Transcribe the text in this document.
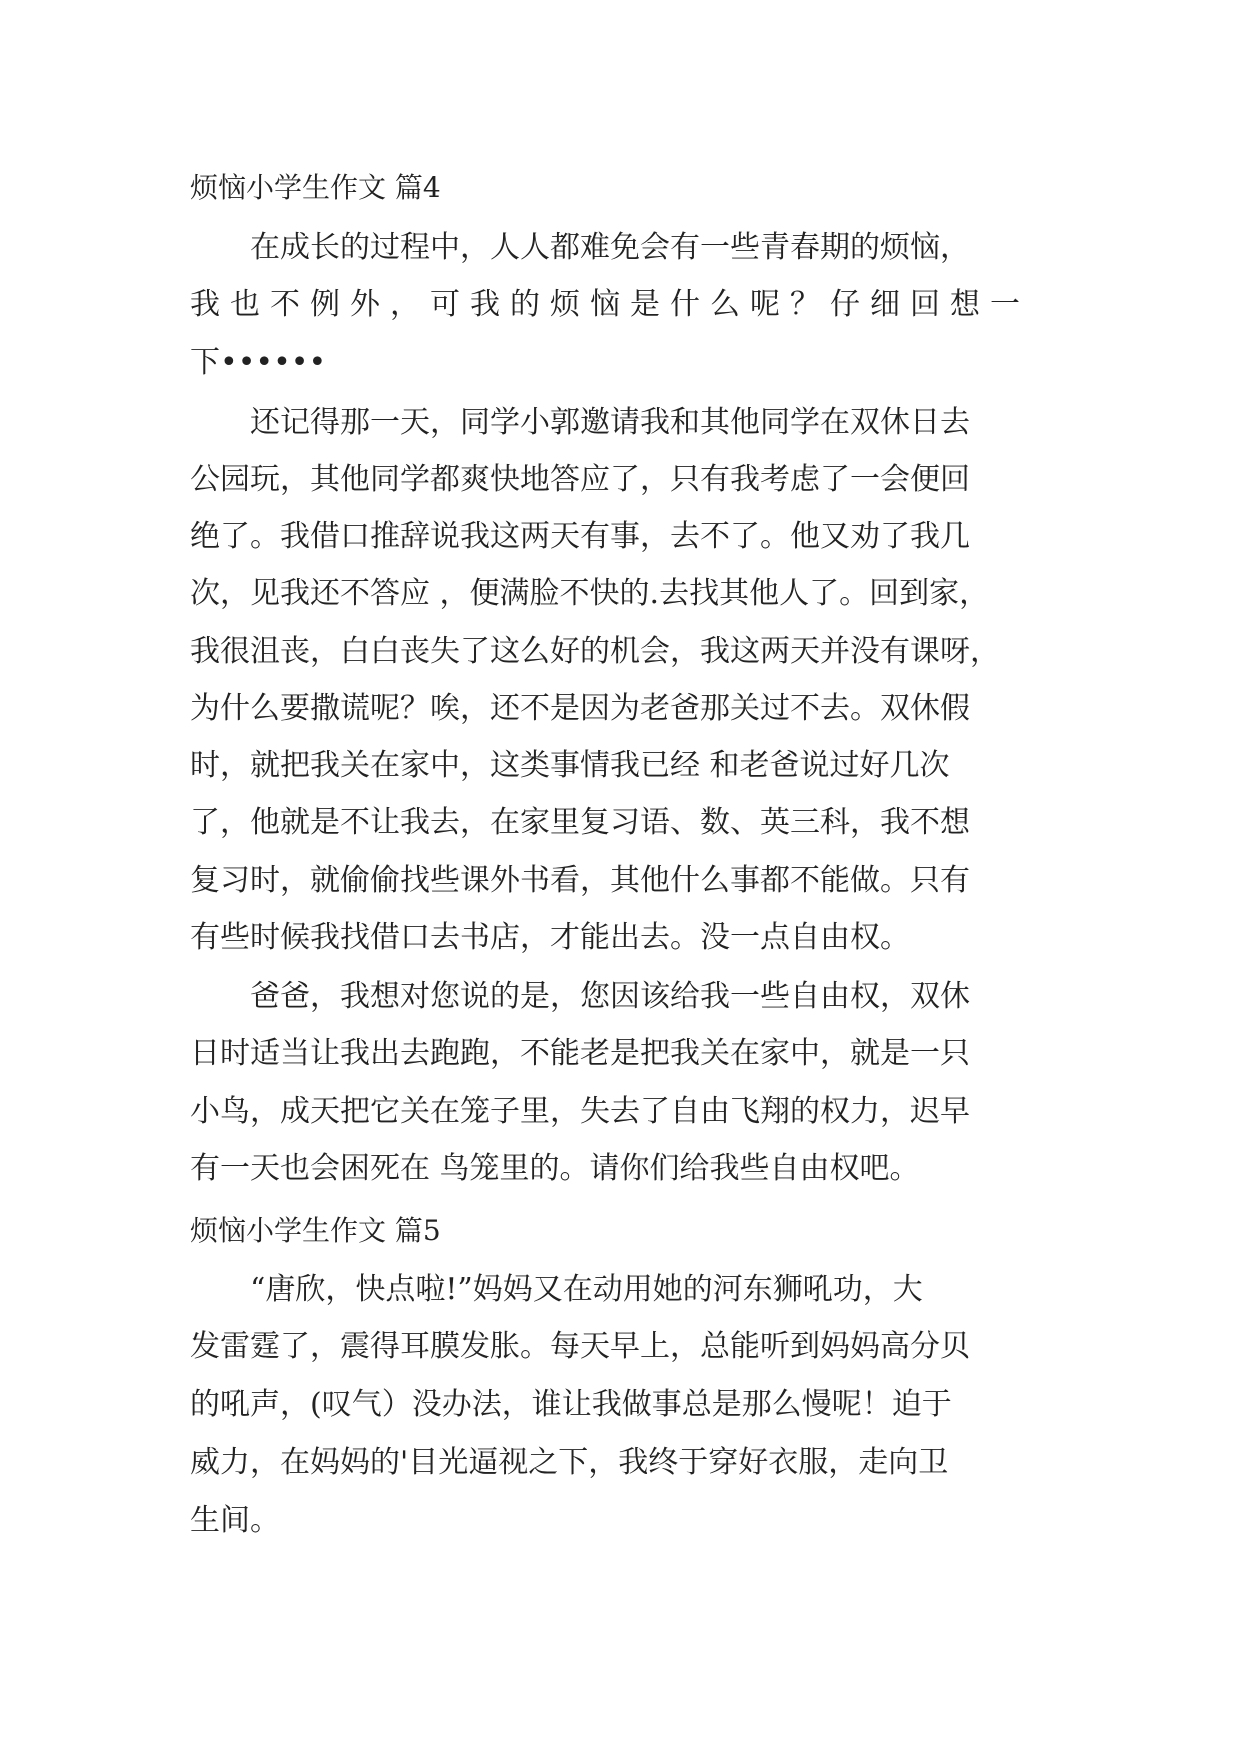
烦恼小学生作文 篇4
在成长的过程中，人人都难免会有一些青春期的烦恼，
我也不例外，可我的烦恼是什么呢？仔细回想一
下••••••
还记得那一天，同学小郭邀请我和其他同学在双休日去
公园玩，其他同学都爽快地答应了，只有我考虑了一会便回
绝了。我借口推辞说我这两天有事，去不了。他又劝了我几
次，见我还不答应 ，便满脸不快的.去找其他人了。回到家，
我很沮丧，白白丧失了这么好的机会，我这两天并没有课呀，
为什么要撒谎呢？唉，还不是因为老爸那关过不去。双休假
时，就把我关在家中，这类事情我已经 和老爸说过好几次
了，他就是不让我去，在家里复习语、数、英三科，我不想
复习时，就偷偷找些课外书看，其他什么事都不能做。只有
有些时候我找借口去书店，才能出去。没一点自由权。
爸爸，我想对您说的是，您因该给我一些自由权，双休
日时适当让我出去跑跑，不能老是把我关在家中，就是一只
小鸟，成天把它关在笼子里，失去了自由飞翔的权力，迟早
有一天也会困死在 鸟笼里的。请你们给我些自由权吧。
烦恼小学生作文 篇5
“唐欣，快点啦!”妈妈又在动用她的河东狮吼功，大
发雷霆了，震得耳膜发胀。每天早上，总能听到妈妈高分贝
的吼声，(叹气）没办法，谁让我做事总是那么慢呢！迫于
威力，在妈妈的'目光逼视之下，我终于穿好衣服，走向卫
生间。
